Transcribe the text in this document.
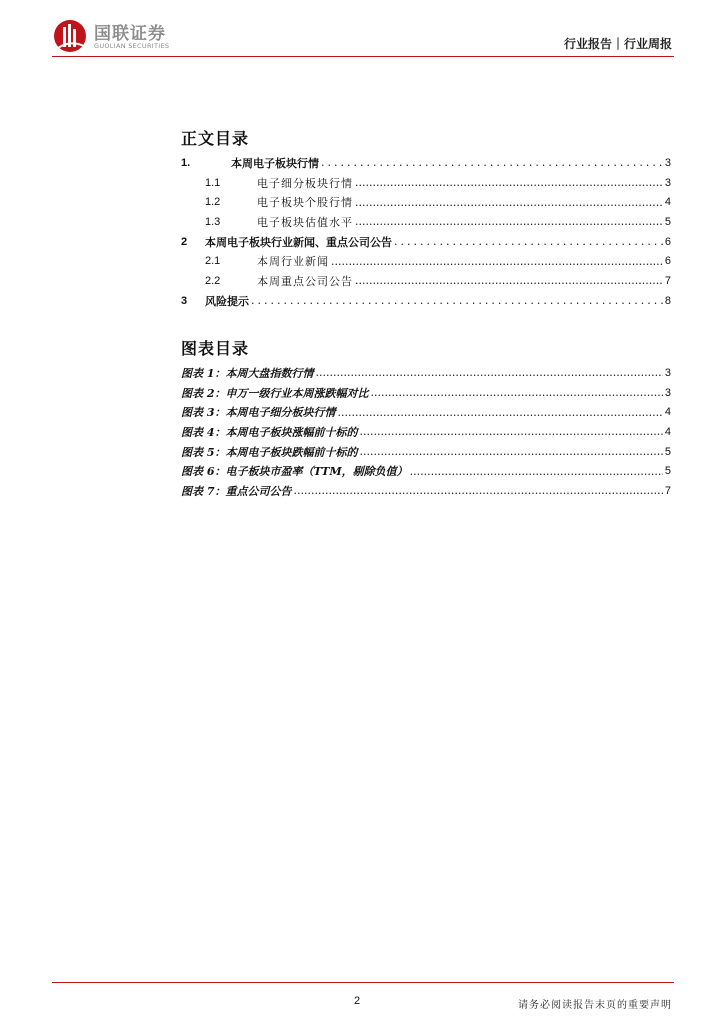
国联证券
GUOLIAN SECURITIES	行业报告｜行业周报
正文目录
1.	本周电子板块行情 .....	3
1.1	电子细分板块行情 .....	3
1.2	电子板块个股行情 .....	4
1.3	电子板块估值水平 .....	5
2	本周电子板块行业新闻、重点公司公告 .....	6
2.1	本周行业新闻 .....	6
2.2	本周重点公司公告 .....	7
3	风险提示 .....	8
图表目录
图表 1：本周大盘指数行情 .....	3
图表 2：申万一级行业本周涨跌幅对比 .....	3
图表 3：本周电子细分板块行情 .....	4
图表 4：本周电子板块涨幅前十标的 .....	4
图表 5：本周电子板块跌幅前十标的 .....	5
图表 6：电子板块市盈率（TTM，剔除负值） .....	5
图表 7：重点公司公告 .....	7
2	请务必阅读报告末页的重要声明
